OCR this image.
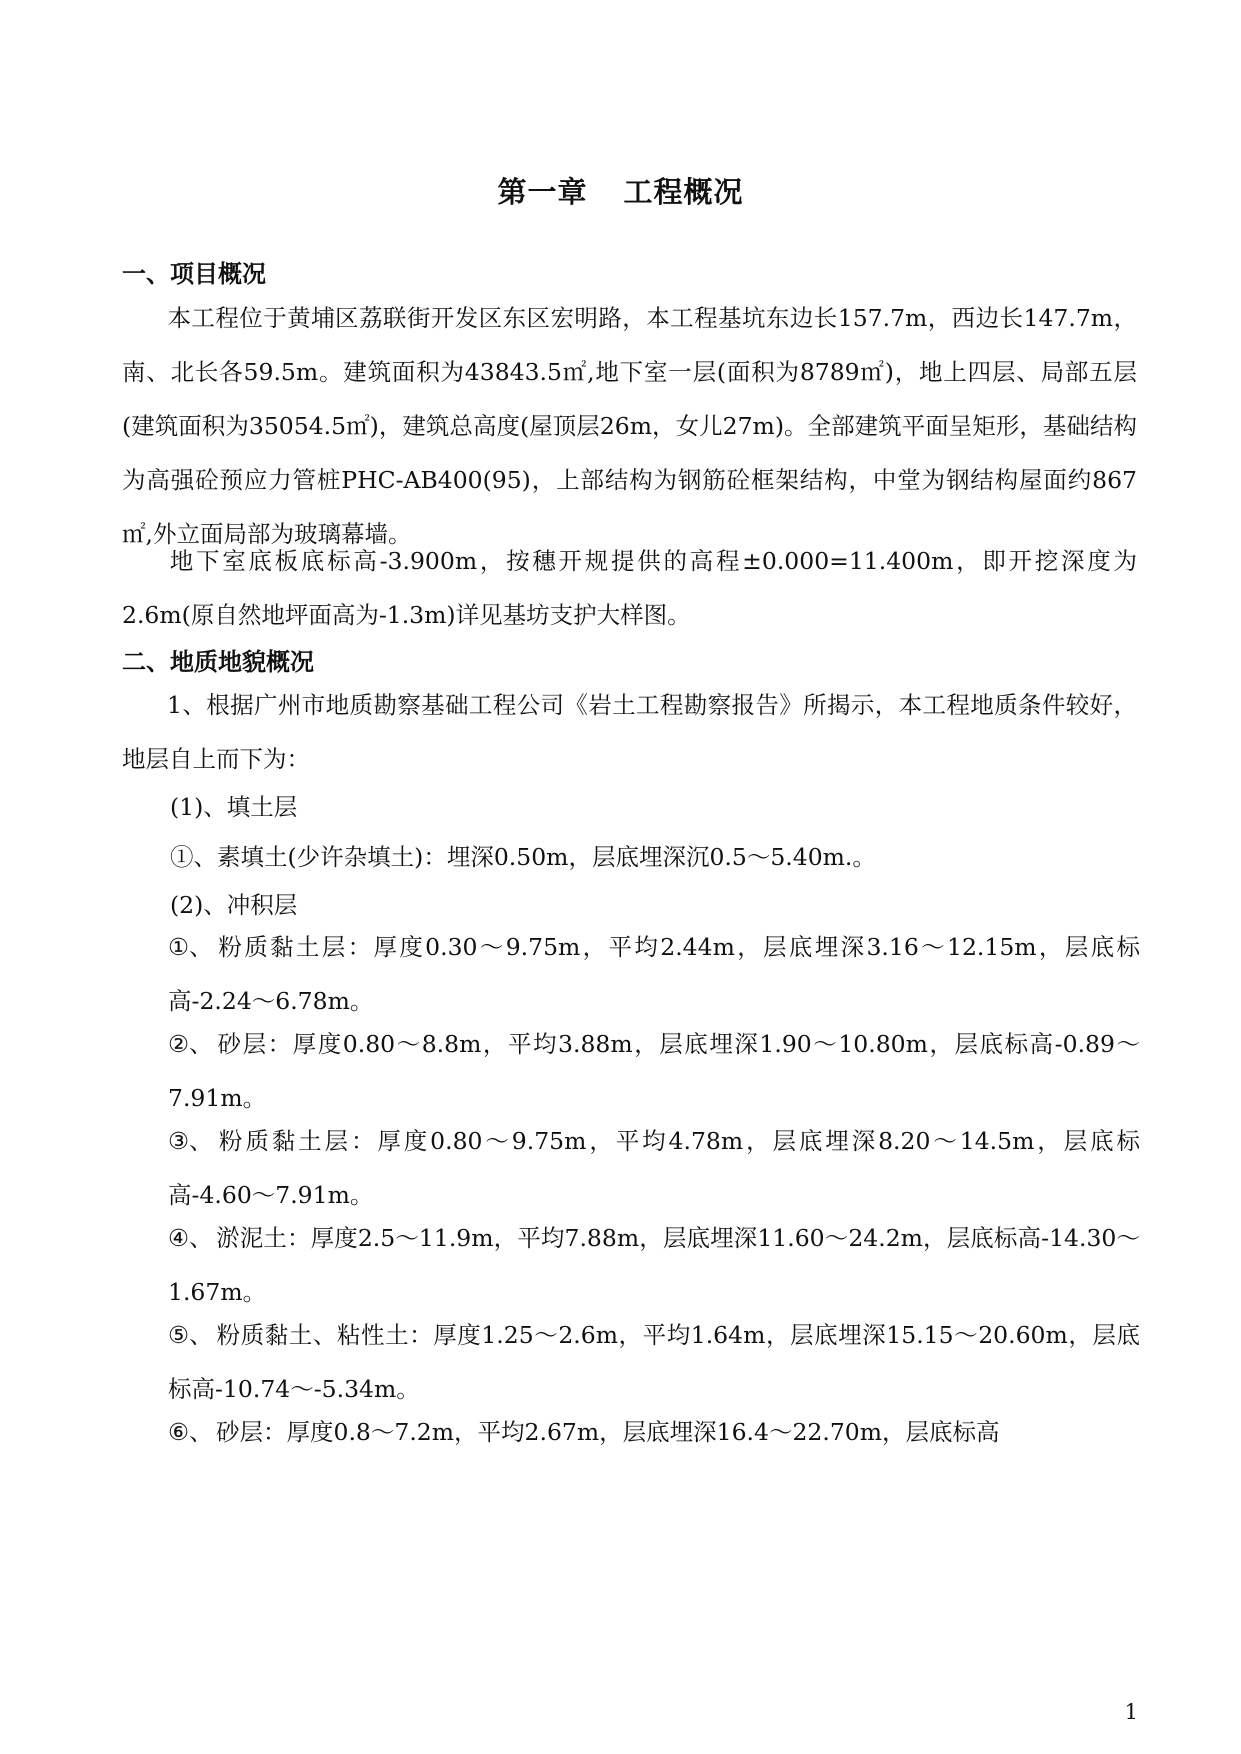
第一章 工程概况
一、项目概况
本工程位于黄埔区荔联街开发区东区宏明路，本工程基坑东边长157.7m，西边长147.7m，南、北长各59.5m。建筑面积为43843.5㎡,地下室一层(面积为8789㎡)，地上四层、局部五层(建筑面积为35054.5㎡)，建筑总高度(屋顶层26m，女儿27m)。全部建筑平面呈矩形，基础结构为高强砼预应力管桩PHC-AB400(95)，上部结构为钢筋砼框架结构，中堂为钢结构屋面约867㎡,外立面局部为玻璃幕墙。
地下室底板底标高-3.900m，按穗开规提供的高程±0.000=11.400m，即开挖深度为2.6m(原自然地坪面高为-1.3m)详见基坊支护大样图。
二、地质地貌概况
1、根据广州市地质勘察基础工程公司《岩土工程勘察报告》所揭示，本工程地质条件较好，地层自上而下为：
(1)、填土层
①、素填土(少许杂填土)：埋深0.50m，层底埋深沉0.5～5.40m.。
(2)、冲积层
①、 粉质黏土层：厚度0.30～9.75m，平均2.44m，层底埋深3.16～12.15m，层底标高-2.24～6.78m。
②、 砂层：厚度0.80～8.8m，平均3.88m，层底埋深1.90～10.80m，层底标高-0.89～7.91m。
③、 粉质黏土层：厚度0.80～9.75m，平均4.78m，层底埋深8.20～14.5m，层底标高-4.60～7.91m。
④、 淤泥土：厚度2.5～11.9m，平均7.88m，层底埋深11.60～24.2m，层底标高-14.30～1.67m。
⑤、 粉质黏土、粘性土：厚度1.25～2.6m，平均1.64m，层底埋深15.15～20.60m，层底标高-10.74～-5.34m。
⑥、 砂层：厚度0.8～7.2m，平均2.67m，层底埋深16.4～22.70m，层底标高
1
